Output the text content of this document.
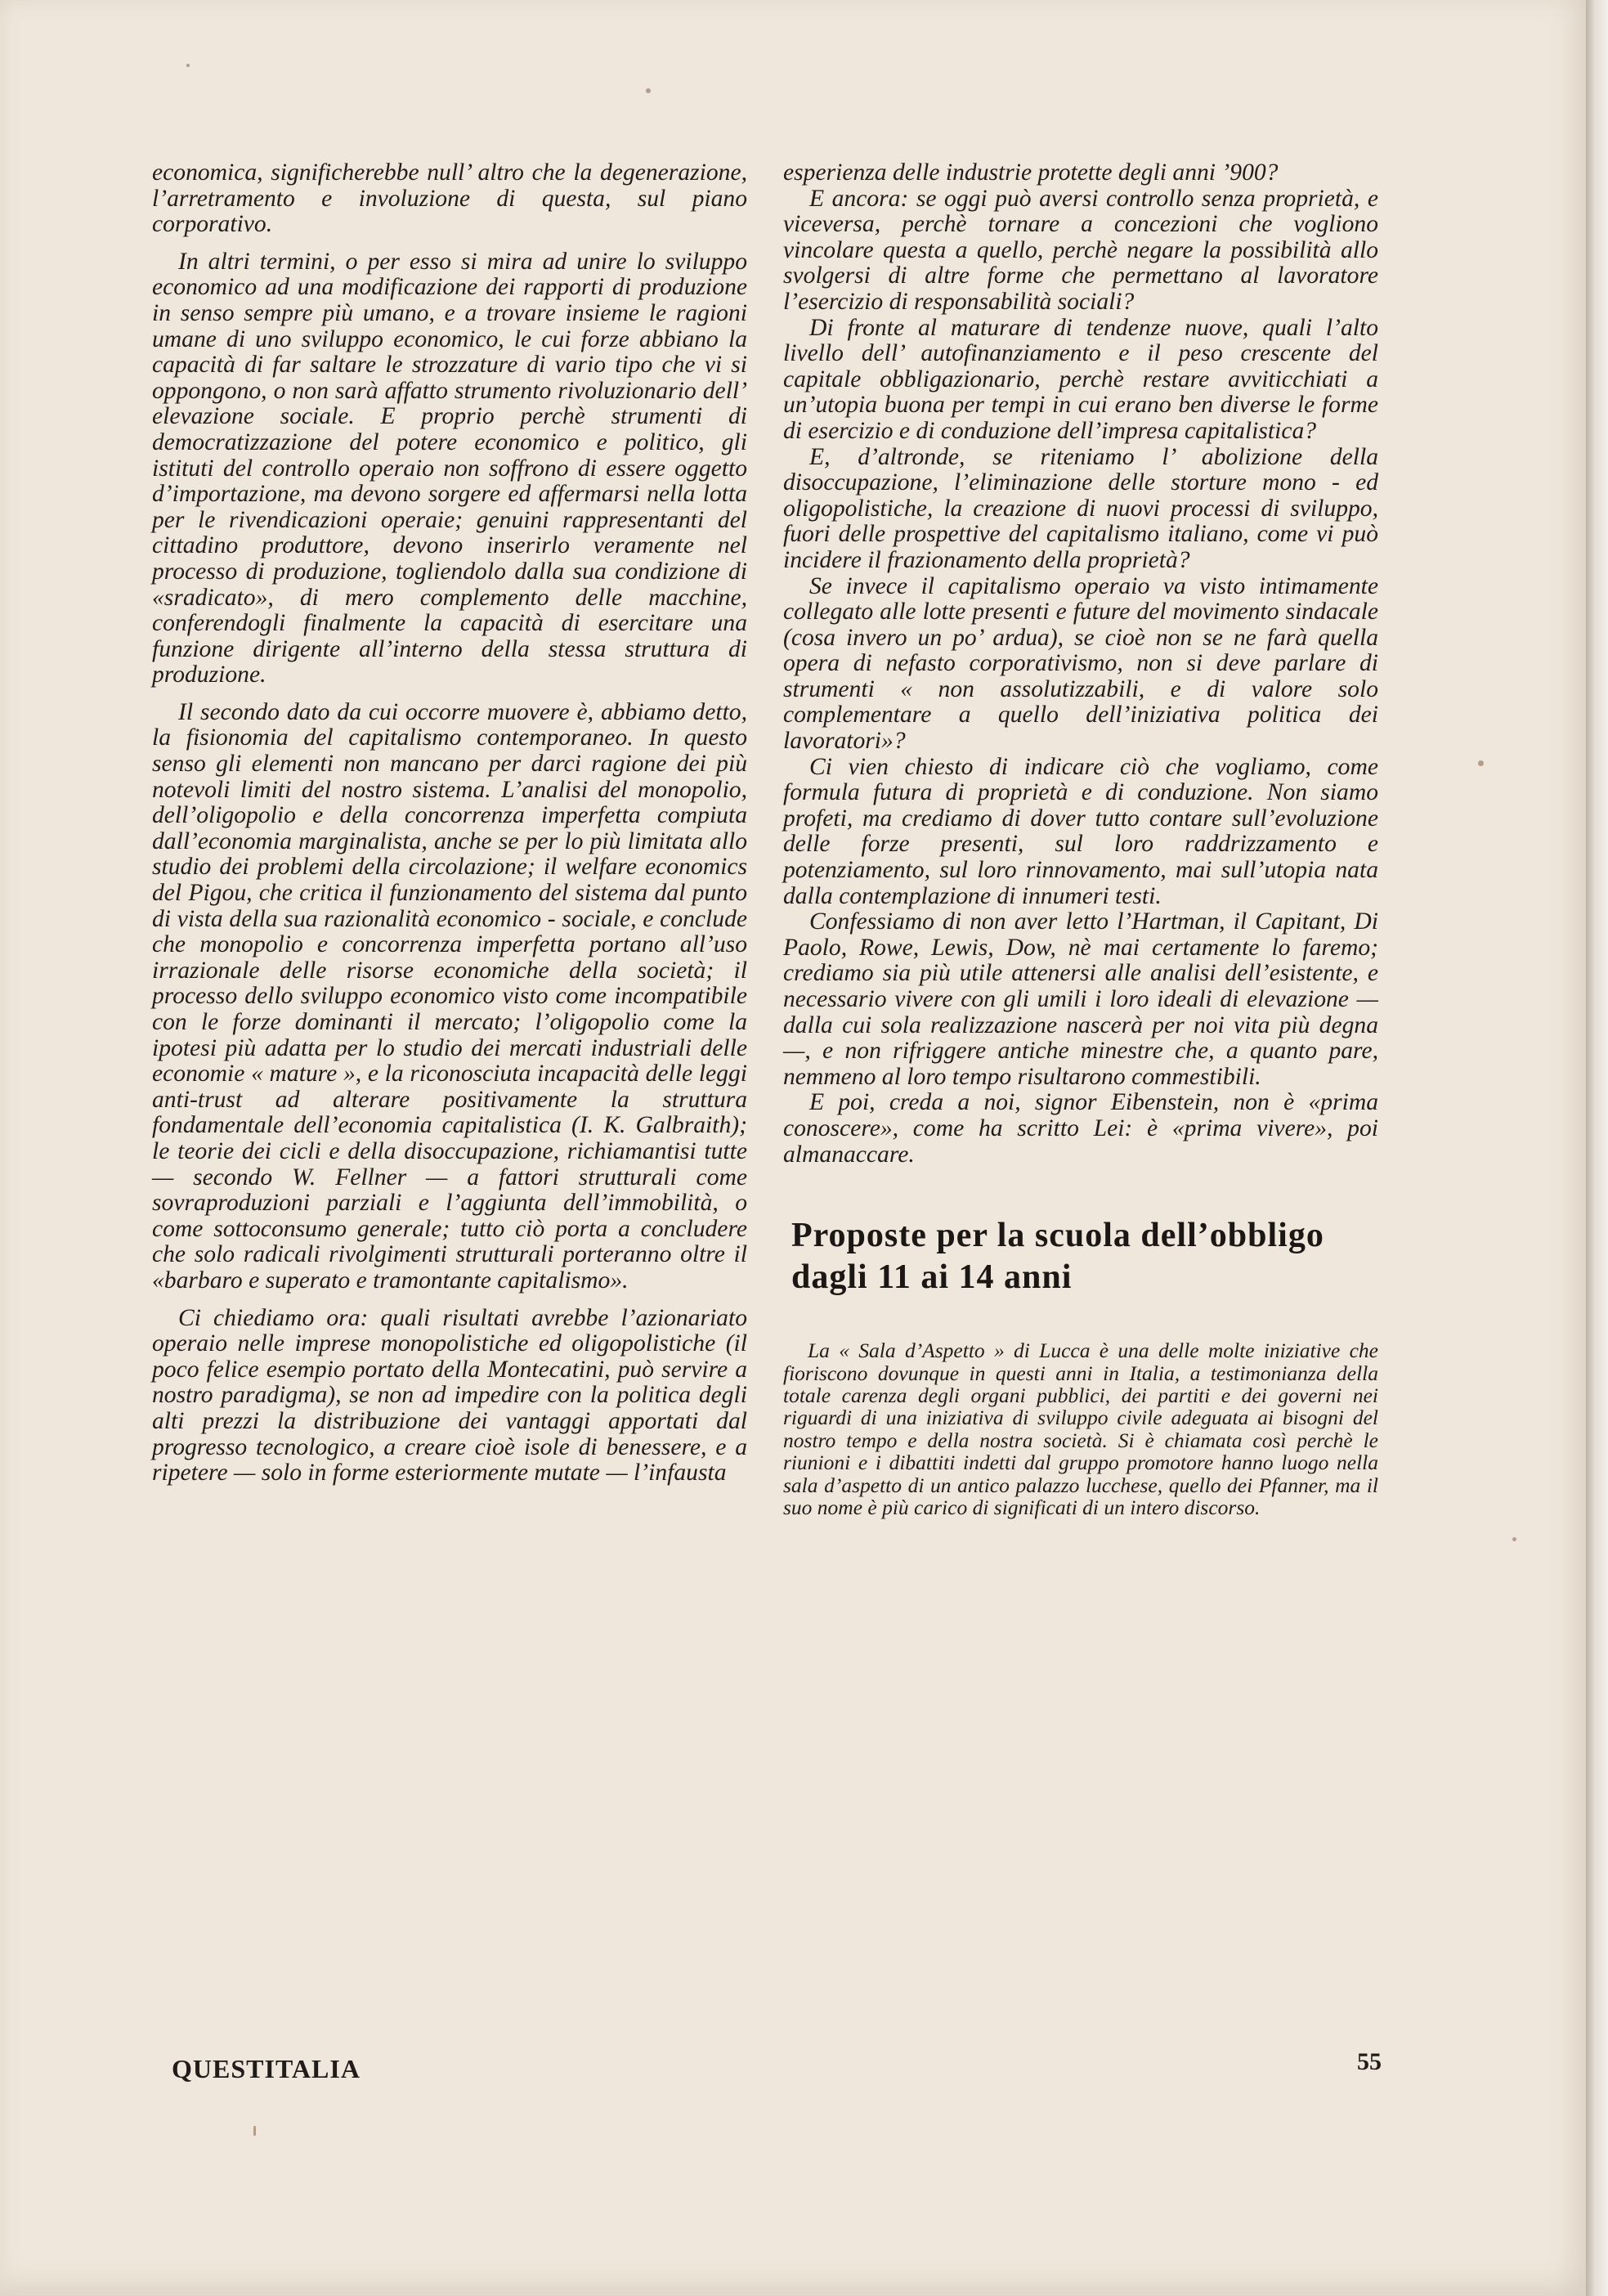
economica, significherebbe null’ altro che la degenerazione, l’arretramento e involuzione di questa, sul piano corporativo.

In altri termini, o per esso si mira ad unire lo sviluppo economico ad una modificazione dei rapporti di produzione in senso sempre più umano, e a trovare insieme le ragioni umane di uno sviluppo economico, le cui forze abbiano la capacità di far saltare le strozzature di vario tipo che vi si oppongono, o non sarà affatto strumento rivoluzionario dell’ elevazione sociale. E proprio perchè strumenti di democratizzazione del potere economico e politico, gli istituti del controllo operaio non soffrono di essere oggetto d’importazione, ma devono sorgere ed affermarsi nella lotta per le rivendicazioni operaie; genuini rappresentanti del cittadino produttore, devono inserirlo veramente nel processo di produzione, togliendolo dalla sua condizione di «sradicato», di mero complemento delle macchine, conferendogli finalmente la capacità di esercitare una funzione dirigente all’interno della stessa struttura di produzione.

Il secondo dato da cui occorre muovere è, abbiamo detto, la fisionomia del capitalismo contemporaneo. In questo senso gli elementi non mancano per darci ragione dei più notevoli limiti del nostro sistema. L’analisi del monopolio, dell’oligopolio e della concorrenza imperfetta compiuta dall’economia marginalista, anche se per lo più limitata allo studio dei problemi della circolazione; il welfare economics del Pigou, che critica il funzionamento del sistema dal punto di vista della sua razionalità economico - sociale, e conclude che monopolio e concorrenza imperfetta portano all’uso irrazionale delle risorse economiche della società; il processo dello sviluppo economico visto come incompatibile con le forze dominanti il mercato; l’oligopolio come la ipotesi più adatta per lo studio dei mercati industriali delle economie « mature », e la riconosciuta incapacità delle leggi anti-trust ad alterare positivamente la struttura fondamentale dell’economia capitalistica (I. K. Galbraith); le teorie dei cicli e della disoccupazione, richiamantisi tutte — secondo W. Fellner — a fattori strutturali come sovraproduzioni parziali e l’aggiunta dell’immobilità, o come sottoconsumo generale; tutto ciò porta a concludere che solo radicali rivolgimenti strutturali porteranno oltre il «barbaro e superato e tramontante capitalismo».

Ci chiediamo ora: quali risultati avrebbe l’azionariato operaio nelle imprese monopolistiche ed oligopolistiche (il poco felice esempio portato della Montecatini, può servire a nostro paradigma), se non ad impedire con la politica degli alti prezzi la distribuzione dei vantaggi apportati dal progresso tecnologico, a creare cioè isole di benessere, e a ripetere — solo in forme esteriormente mutate — l’infausta

esperienza delle industrie protette degli anni ’900?

E ancora: se oggi può aversi controllo senza proprietà, e viceversa, perchè tornare a concezioni che vogliono vincolare questa a quello, perchè negare la possibilità allo svolgersi di altre forme che permettano al lavoratore l’esercizio di responsabilità sociali?

Di fronte al maturare di tendenze nuove, quali l’alto livello dell’ autofinanziamento e il peso crescente del capitale obbligazionario, perchè restare avviticchiati a un’utopia buona per tempi in cui erano ben diverse le forme di esercizio e di conduzione dell’impresa capitalistica?

E, d’altronde, se riteniamo l’ abolizione della disoccupazione, l’eliminazione delle storture mono - ed oligopolistiche, la creazione di nuovi processi di sviluppo, fuori delle prospettive del capitalismo italiano, come vi può incidere il frazionamento della proprietà?

Se invece il capitalismo operaio va visto intimamente collegato alle lotte presenti e future del movimento sindacale (cosa invero un po’ ardua), se cioè non se ne farà quella opera di nefasto corporativismo, non si deve parlare di strumenti « non assolutizzabili, e di valore solo complementare a quello dell’iniziativa politica dei lavoratori»?

Ci vien chiesto di indicare ciò che vogliamo, come formula futura di proprietà e di conduzione. Non siamo profeti, ma crediamo di dover tutto contare sull’evoluzione delle forze presenti, sul loro raddrizzamento e potenziamento, sul loro rinnovamento, mai sull’utopia nata dalla contemplazione di innumeri testi.

Confessiamo di non aver letto l’Hartman, il Capitant, Di Paolo, Rowe, Lewis, Dow, nè mai certamente lo faremo; crediamo sia più utile attenersi alle analisi dell’esistente, e necessario vivere con gli umili i loro ideali di elevazione — dalla cui sola realizzazione nascerà per noi vita più degna —, e non rifriggere antiche minestre che, a quanto pare, nemmeno al loro tempo risultarono commestibili.

E poi, creda a noi, signor Eibenstein, non è «prima conoscere», come ha scritto Lei: è «prima vivere», poi almanaccare.

Proposte per la scuola dell’obbligo dagli 11 ai 14 anni

La « Sala d’Aspetto » di Lucca è una delle molte iniziative che fioriscono dovunque in questi anni in Italia, a testimonianza della totale carenza degli organi pubblici, dei partiti e dei governi nei riguardi di una iniziativa di sviluppo civile adeguata ai bisogni del nostro tempo e della nostra società. Si è chiamata così perchè le riunioni e i dibattiti indetti dal gruppo promotore hanno luogo nella sala d’aspetto di un antico palazzo lucchese, quello dei Pfanner, ma il suo nome è più carico di significati di un intero discorso.

QUESTITALIA	55
